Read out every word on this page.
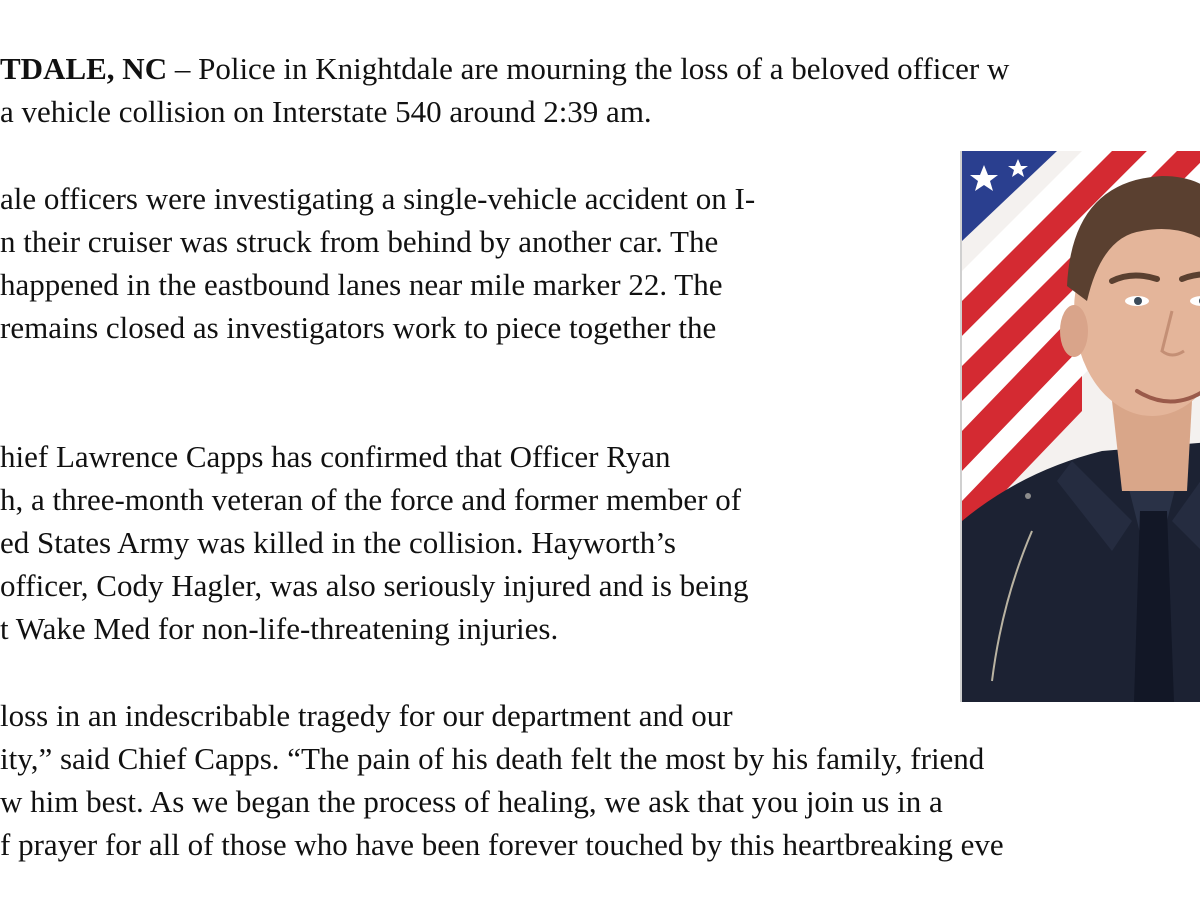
TDALE, NC – Police in Knightdale are mourning the loss of a beloved officer w
a vehicle collision on Interstate 540 around 2:39 am.
ale officers were investigating a single-vehicle accident on I-
n their cruiser was struck from behind by another car. The
happened in the eastbound lanes near mile marker 22. The
remains closed as investigators work to piece together the
hief Lawrence Capps has confirmed that Officer Ryan
h, a three-month veteran of the force and former member of
ed States Army was killed in the collision. Hayworth’s
officer, Cody Hagler, was also seriously injured and is being
t Wake Med for non-life-threatening injuries.
loss in an indescribable tragedy for our department and our
ity,” said Chief Capps. “The pain of his death felt the most by his family, friend
w him best. As we began the process of healing, we ask that you join us in a
f prayer for all of those who have been forever touched by this heartbreaking eve
